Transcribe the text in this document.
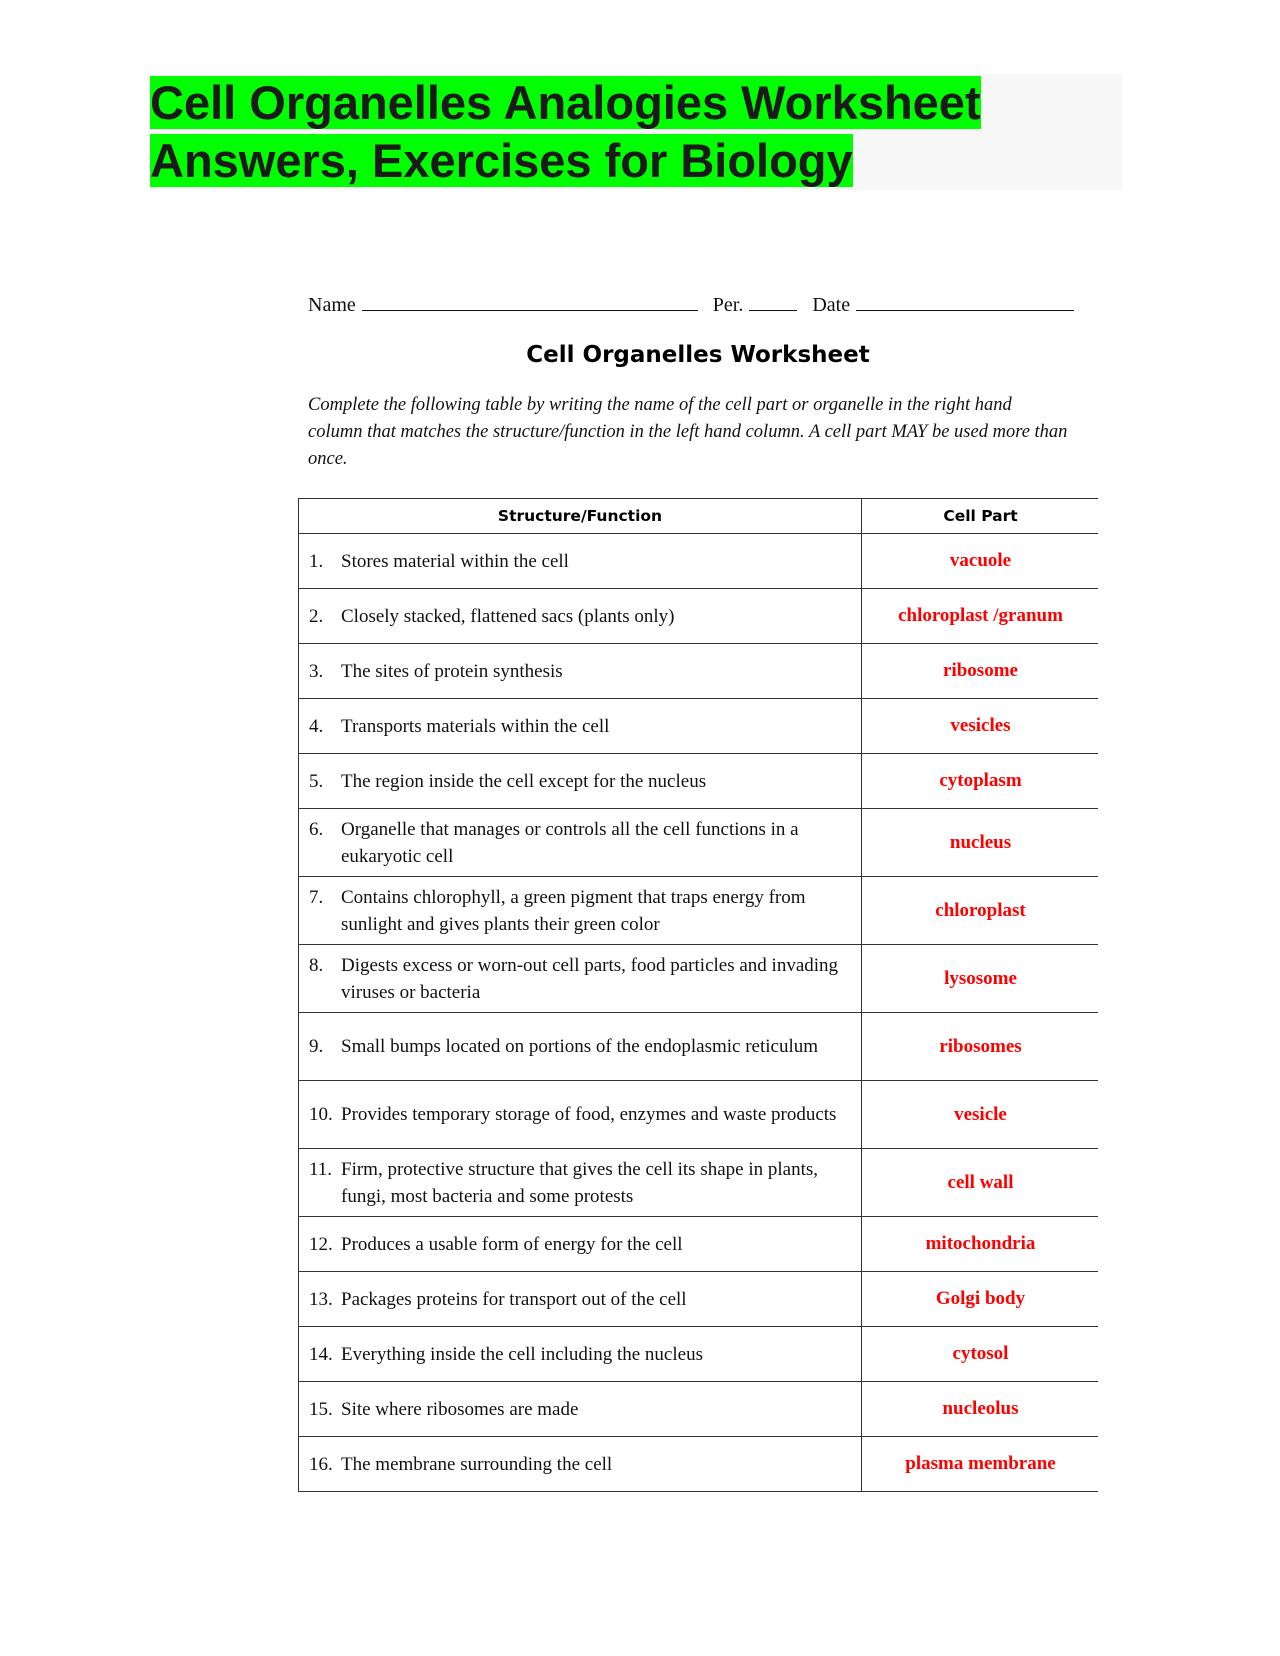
Cell Organelles Analogies Worksheet Answers, Exercises for Biology
Name	Per.	Date
Cell Organelles Worksheet
Complete the following table by writing the name of the cell part or organelle in the right hand column that matches the structure/function in the left hand column. A cell part MAY be used more than once.
Structure/Function	Cell Part

1. Stores material within the cell	vacuole

2. Closely stacked, flattened sacs (plants only)	chloroplast /granum

3. The sites of protein synthesis	ribosome

4. Transports materials within the cell	vesicles

5. The region inside the cell except for the nucleus	cytoplasm

6. Organelle that manages or controls all the cell functions in a eukaryotic cell	nucleus

7. Contains chlorophyll, a green pigment that traps energy from sunlight and gives plants their green color	chloroplast

8. Digests excess or worn-out cell parts, food particles and invading viruses or bacteria	lysosome

9. Small bumps located on portions of the endoplasmic reticulum	ribosomes

10. Provides temporary storage of food, enzymes and waste products	vesicle

11. Firm, protective structure that gives the cell its shape in plants, fungi, most bacteria and some protests	cell wall

12. Produces a usable form of energy for the cell	mitochondria

13. Packages proteins for transport out of the cell	Golgi body

14. Everything inside the cell including the nucleus	cytosol

15. Site where ribosomes are made	nucleolus

16. The membrane surrounding the cell	plasma membrane
